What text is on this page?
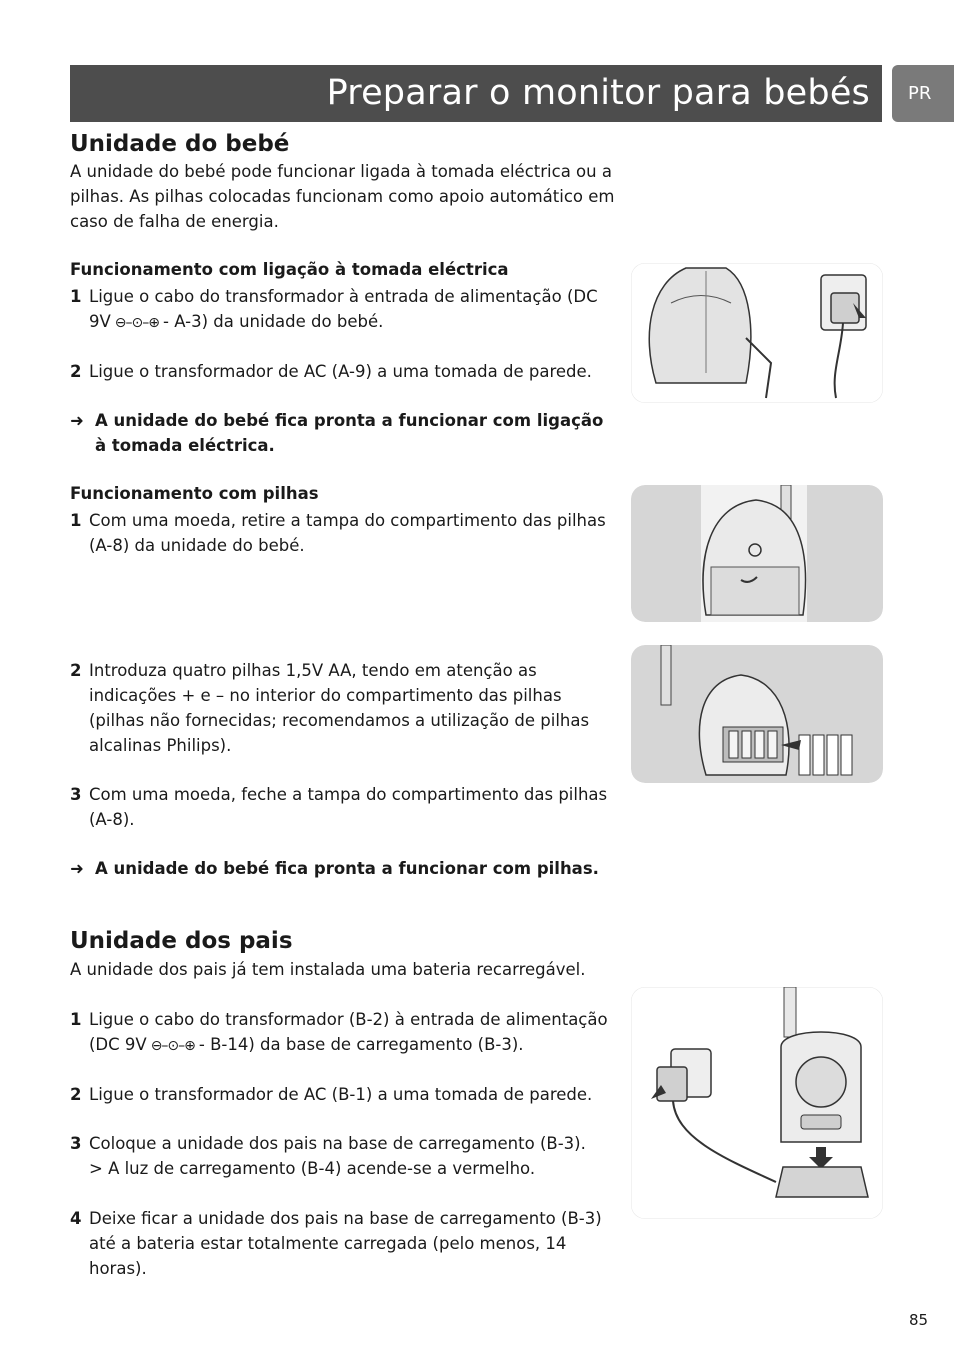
Preparar o monitor para bebés PR
Unidade do bebé
A unidade do bebé pode funcionar ligada à tomada eléctrica ou a pilhas. As pilhas colocadas funcionam como apoio automático em caso de falha de energia.
Funcionamento com ligação à tomada eléctrica
1 Ligue o cabo do transformador à entrada de alimentação (DC 9V ⊖–⊙–⊕ - A-3) da unidade do bebé.
2 Ligue o transformador de AC (A-9) a uma tomada de parede.
➜ A unidade do bebé fica pronta a funcionar com ligação à tomada eléctrica.
Funcionamento com pilhas
1 Com uma moeda, retire a tampa do compartimento das pilhas (A-8) da unidade do bebé.
2 Introduza quatro pilhas 1,5V AA, tendo em atenção as indicações + e – no interior do compartimento das pilhas (pilhas não fornecidas; recomendamos a utilização de pilhas alcalinas Philips).
3 Com uma moeda, feche a tampa do compartimento das pilhas (A-8).
➜ A unidade do bebé fica pronta a funcionar com pilhas.
Unidade dos pais
A unidade dos pais já tem instalada uma bateria recarregável.
1 Ligue o cabo do transformador (B-2) à entrada de alimentação (DC 9V ⊖–⊙–⊕ - B-14) da base de carregamento (B-3).
2 Ligue o transformador de AC (B-1) a uma tomada de parede.
3 Coloque a unidade dos pais na base de carregamento (B-3).
> A luz de carregamento (B-4) acende-se a vermelho.
4 Deixe ficar a unidade dos pais na base de carregamento (B-3) até a bateria estar totalmente carregada (pelo menos, 14 horas).
85
